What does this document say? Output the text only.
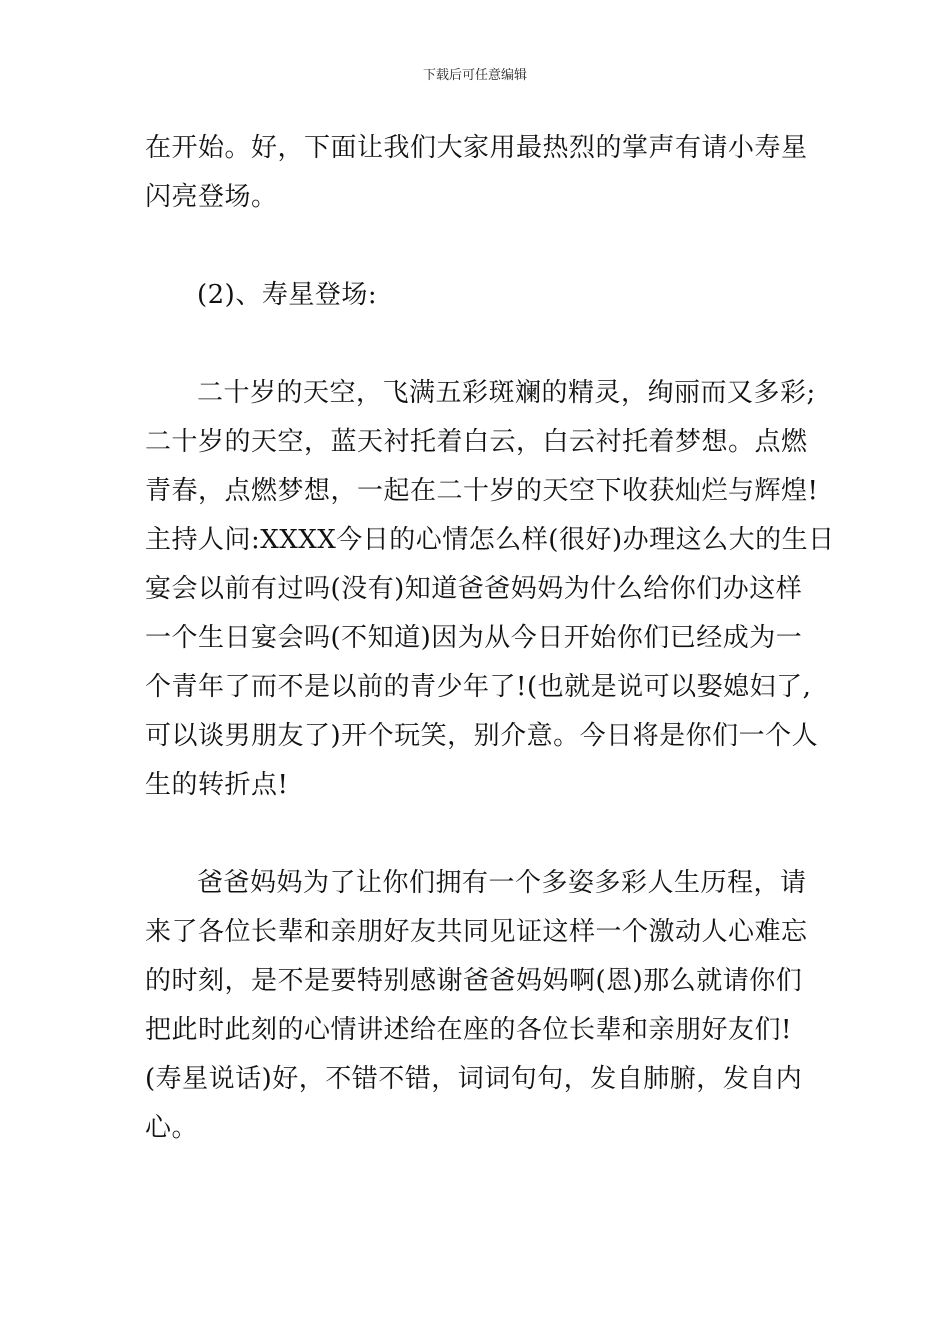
下载后可任意编辑
在开始。好，下面让我们大家用最热烈的掌声有请小寿星
闪亮登场。
(2)、寿星登场:
二十岁的天空，飞满五彩斑斓的精灵，绚丽而又多彩;
二十岁的天空，蓝天衬托着白云，白云衬托着梦想。点燃
青春，点燃梦想，一起在二十岁的天空下收获灿烂与辉煌!
主持人问:XXXX今日的心情怎么样(很好)办理这么大的生日
宴会以前有过吗(没有)知道爸爸妈妈为什么给你们办这样
一个生日宴会吗(不知道)因为从今日开始你们已经成为一
个青年了而不是以前的青少年了!(也就是说可以娶媳妇了,
可以谈男朋友了)开个玩笑，别介意。今日将是你们一个人
生的转折点!
爸爸妈妈为了让你们拥有一个多姿多彩人生历程，请
来了各位长辈和亲朋好友共同见证这样一个激动人心难忘
的时刻，是不是要特别感谢爸爸妈妈啊(恩)那么就请你们
把此时此刻的心情讲述给在座的各位长辈和亲朋好友们!
(寿星说话)好，不错不错，词词句句，发自肺腑，发自内
心。
